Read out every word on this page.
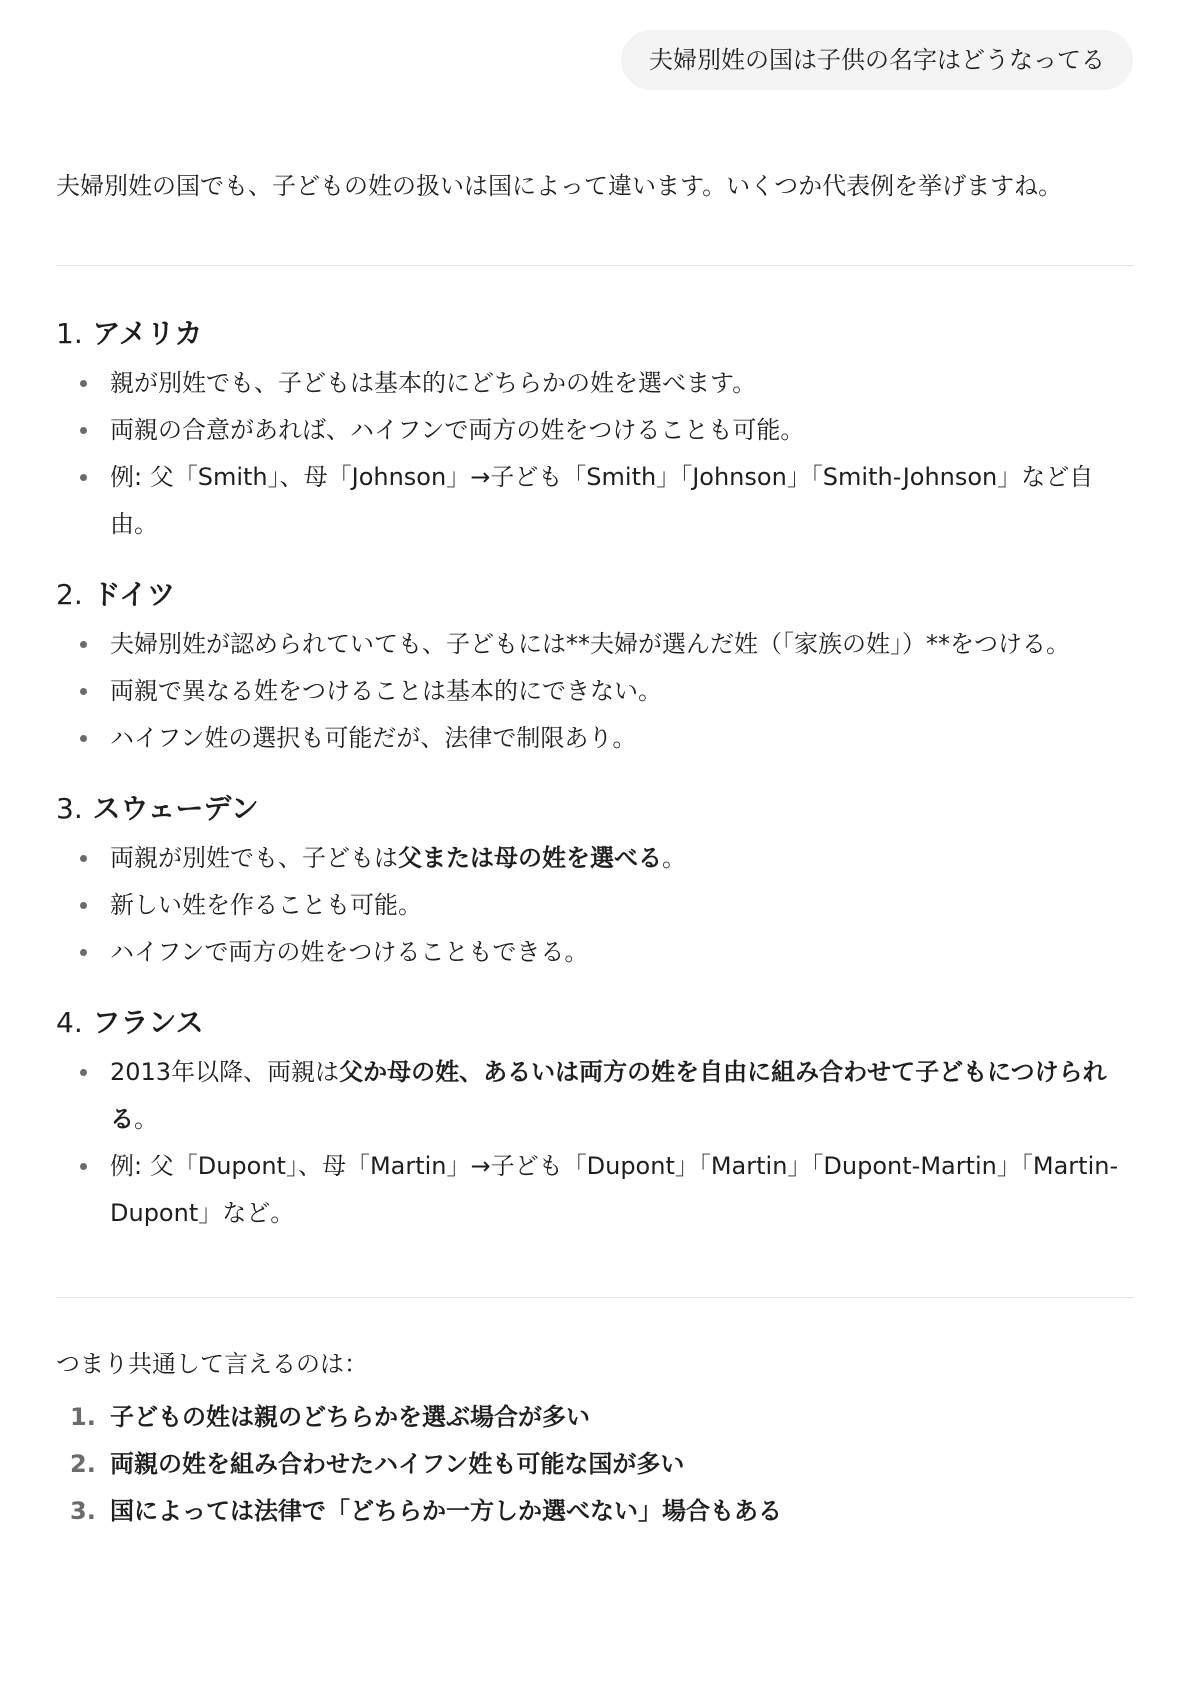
夫婦別姓の国は子供の名字はどうなってる

夫婦別姓の国でも、子どもの姓の扱いは国によって違います。いくつか代表例を挙げますね。

1. アメリカ
親が別姓でも、子どもは基本的にどちらかの姓を選べます。
両親の合意があれば、ハイフンで両方の姓をつけることも可能。
例: 父「Smith」、母「Johnson」→子ども「Smith」「Johnson」「Smith-Johnson」など自由。
2. ドイツ
夫婦別姓が認められていても、子どもには**夫婦が選んだ姓（「家族の姓」）**をつける。
両親で異なる姓をつけることは基本的にできない。
ハイフン姓の選択も可能だが、法律で制限あり。
3. スウェーデン
両親が別姓でも、子どもは父または母の姓を選べる。
新しい姓を作ることも可能。
ハイフンで両方の姓をつけることもできる。
4. フランス
2013年以降、両親は父か母の姓、あるいは両方の姓を自由に組み合わせて子どもにつけられる。
例: 父「Dupont」、母「Martin」→子ども「Dupont」「Martin」「Dupont-Martin」「Martin-Dupont」など。

つまり共通して言えるのは：

1. 子どもの姓は親のどちらかを選ぶ場合が多い
2. 両親の姓を組み合わせたハイフン姓も可能な国が多い
3. 国によっては法律で「どちらか一方しか選べない」場合もある
